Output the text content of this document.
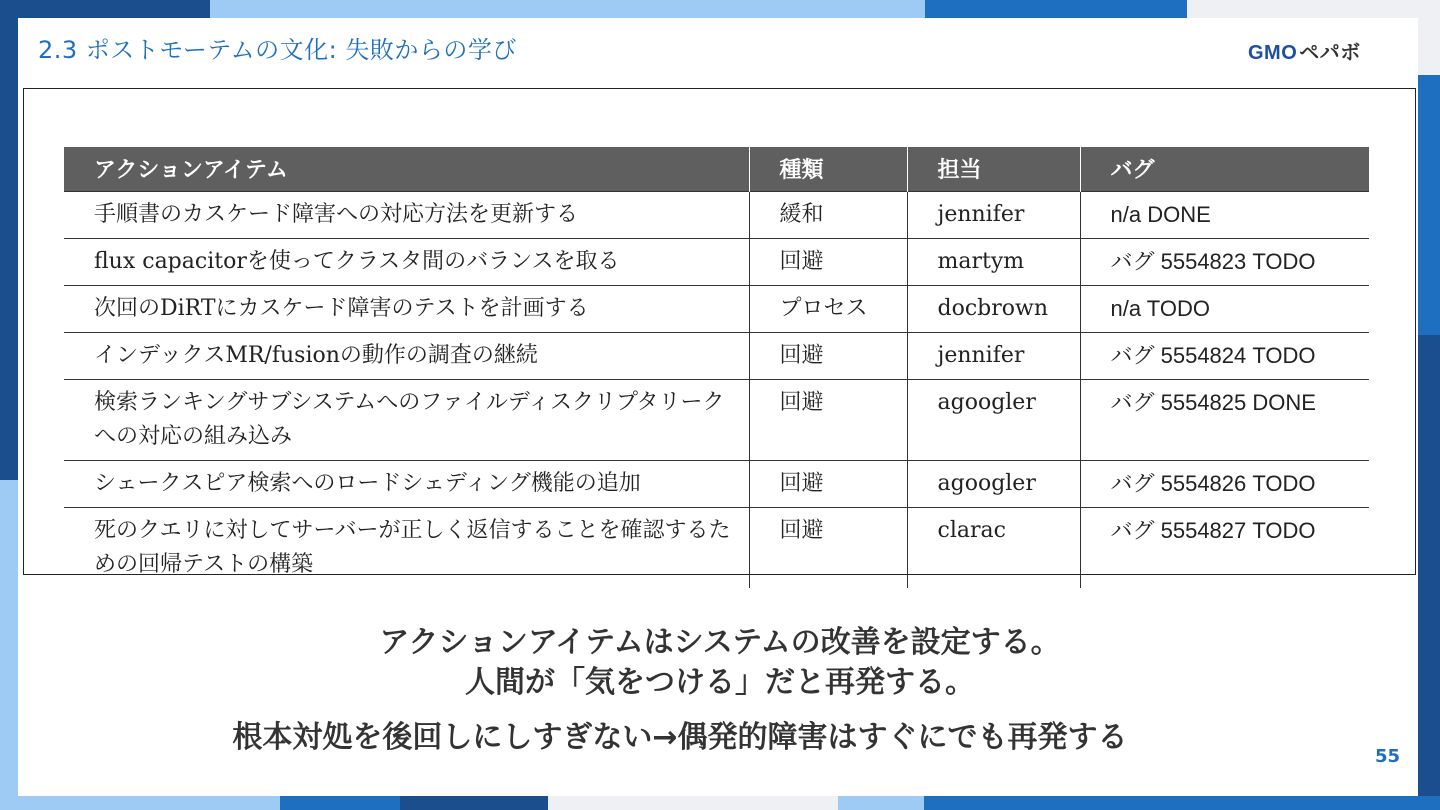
2.3 ポストモーテムの文化: 失敗からの学び	GMO ペパボ
アクションアイテム	種類	担当	バグ
手順書のカスケード障害への対応方法を更新する	緩和	jennifer	n/a DONE
flux capacitorを使ってクラスタ間のバランスを取る	回避	martym	バグ 5554823 TODO
次回のDiRTにカスケード障害のテストを計画する	プロセス	docbrown	n/a TODO
インデックスMR/fusionの動作の調査の継続	回避	jennifer	バグ 5554824 TODO
検索ランキングサブシステムへのファイルディスクリプタリークへの対応の組み込み	回避	agoogler	バグ 5554825 DONE
シェークスピア検索へのロードシェディング機能の追加	回避	agoogler	バグ 5554826 TODO
死のクエリに対してサーバーが正しく返信することを確認するための回帰テストの構築	回避	clarac	バグ 5554827 TODO
アクションアイテムはシステムの改善を設定する。
人間が「気をつける」だと再発する。
根本対処を後回しにしすぎない→偶発的障害はすぐにでも再発する
55
